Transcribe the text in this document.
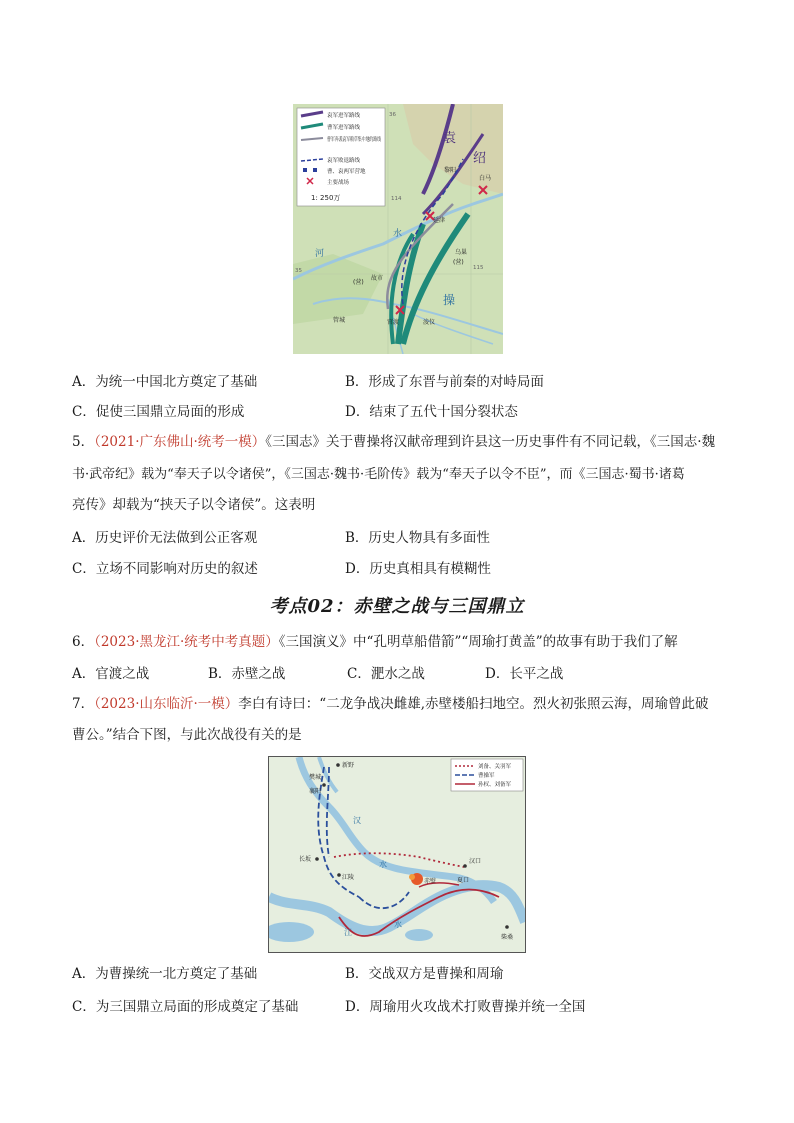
袁军进军路线
曹军进军路线
曹军奔袭袁军粮草集中地的路线
袁军败退路线
曹、袁两军营地
主要战场
1: 250万
袁
绍
黎阳
白马
延津
乌巢
(营)
故市
(营)
官渡	浚仪
管城
操
河
水
36
114
35	115
A．为统一中国北方奠定了基础	B．形成了东晋与前秦的对峙局面
C．促使三国鼎立局面的形成	D．结束了五代十国分裂状态
5．（2021·广东佛山·统考一模）《三国志》关于曹操将汉献帝理到许县这一历史事件有不同记载，《三国志·魏
书·武帝纪》载为“奉天子以令诸侯”，《三国志·魏书·毛阶传》载为“奉天子以令不臣”，而《三国志·蜀书·诸葛
亮传》却载为“挟天子以令诸侯”。这表明
A．历史评价无法做到公正客观	B．历史人物具有多面性
C．立场不同影响对历史的叙述	D．历史真相具有模糊性
考点02：赤壁之战与三国鼎立
6．（2023·黑龙江·统考中考真题）《三国演义》中“孔明草船借箭”“周瑜打黄盖”的故事有助于我们了解
A．官渡之战	B．赤壁之战	C．淝水之战	D．长平之战
7．（2023·山东临沂·一模）李白有诗曰：“二龙争战决雌雄,赤壁楼船扫地空。烈火初张照云海，周瑜曾此破
曹公。”结合下图，与此次战役有关的是
刘备、关羽军
曹操军
孙权、刘备军
新野
樊城
襄阳
汉
水
长坂
江陵	夏口
汉口
赤壁
江
水
柴桑
A．为曹操统一北方奠定了基础	B．交战双方是曹操和周瑜
C．为三国鼎立局面的形成奠定了基础	D．周瑜用火攻战术打败曹操并统一全国
